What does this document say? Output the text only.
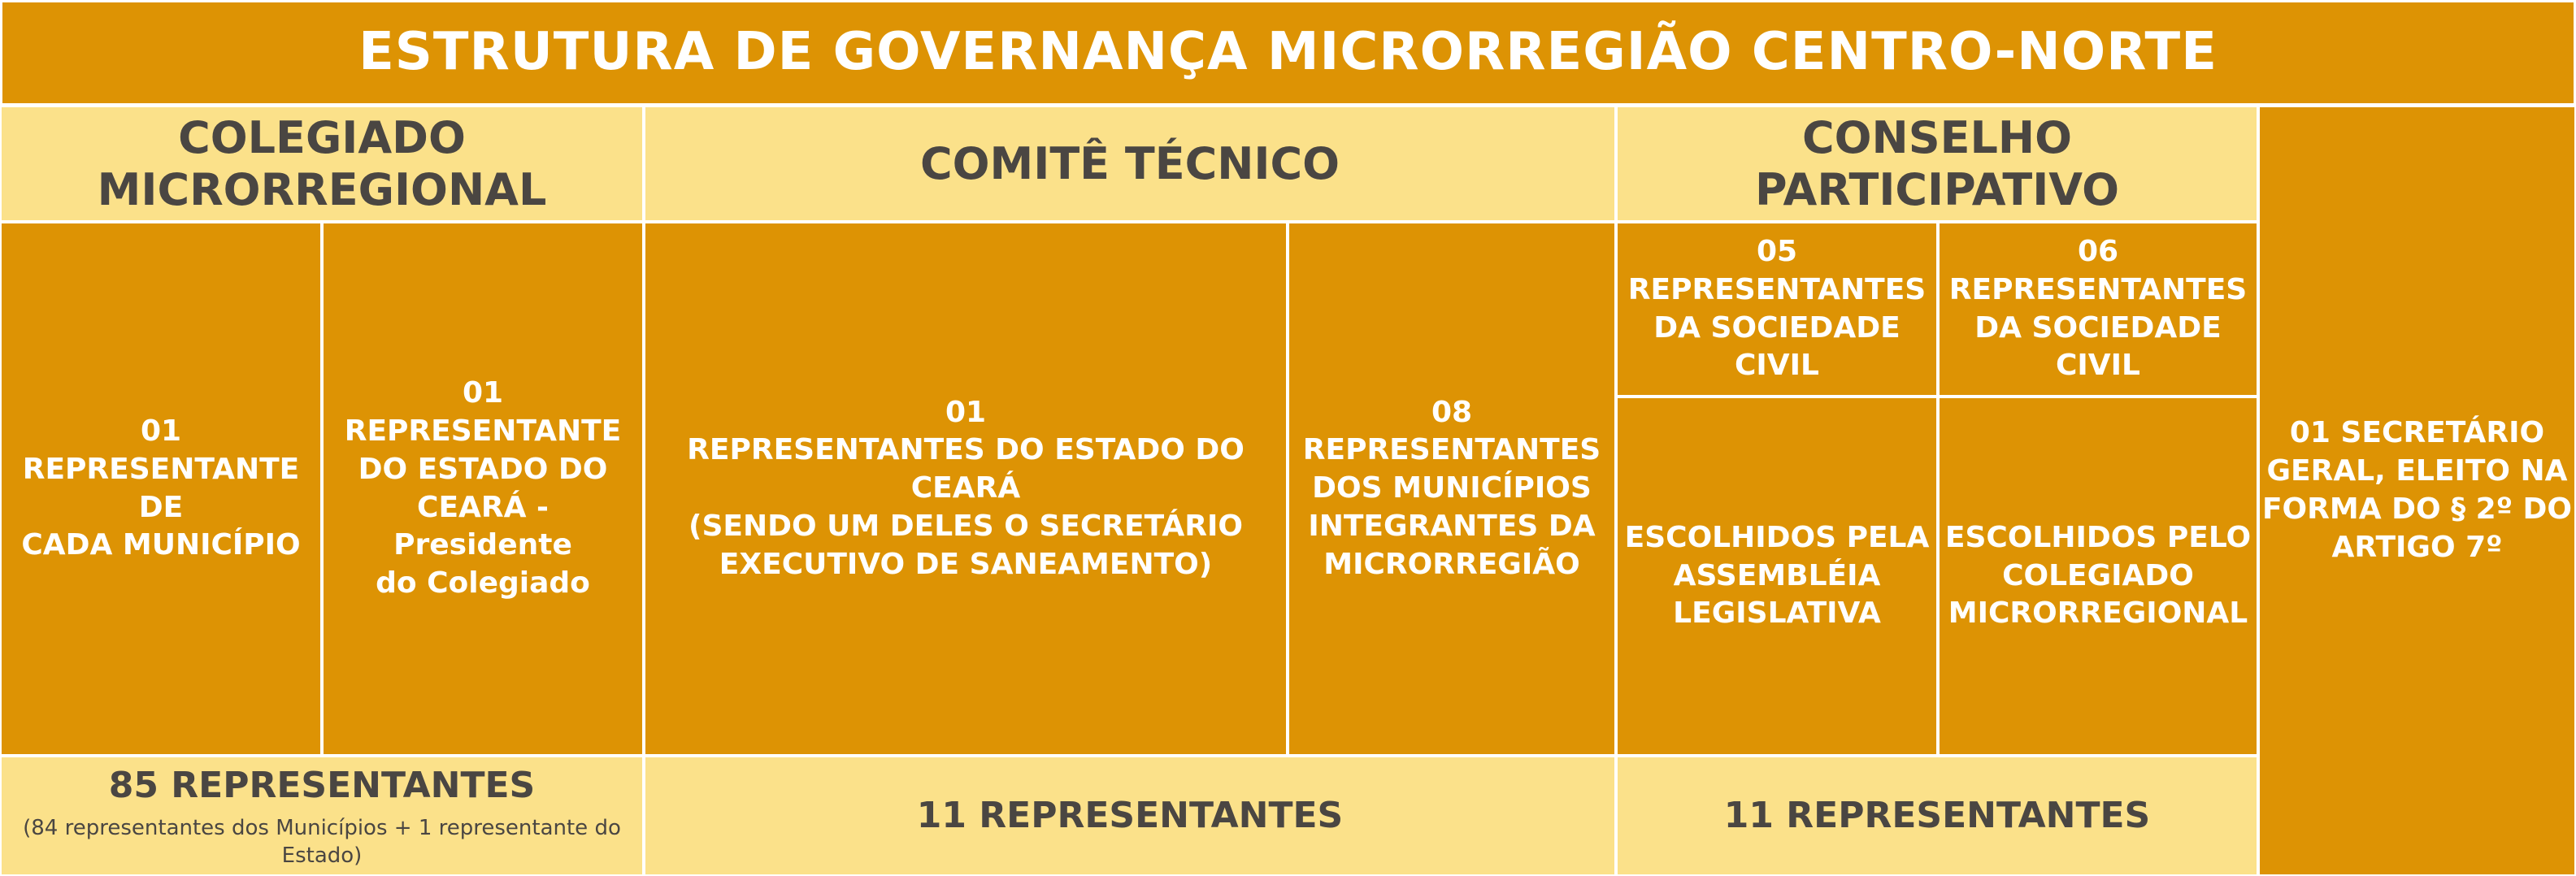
ESTRUTURA DE GOVERNANÇA MICRORREGIÃO CENTRO-NORTE
COLEGIADO
MICRORREGIONAL
COMITÊ TÉCNICO
CONSELHO PARTICIPATIVO
01 SECRETÁRIO
GERAL, ELEITO NA
FORMA DO § 2º DO
ARTIGO 7º
01
REPRESENTANTE DE
CADA MUNICÍPIO
01
REPRESENTANTE
DO ESTADO DO
CEARÁ - Presidente
do Colegiado
01
REPRESENTANTES DO ESTADO DO CEARÁ
(SENDO UM DELES O SECRETÁRIO
EXECUTIVO DE SANEAMENTO)
08
REPRESENTANTES
DOS MUNICÍPIOS
INTEGRANTES DA
MICRORREGIÃO
05
REPRESENTANTES
DA SOCIEDADE CIVIL
06
REPRESENTANTES
DA SOCIEDADE
CIVIL
ESCOLHIDOS PELA
ASSEMBLÉIA
LEGISLATIVA
ESCOLHIDOS PELO
COLEGIADO
MICRORREGIONAL
85 REPRESENTANTES
(84 representantes dos Municípios + 1 representante do Estado)
11 REPRESENTANTES	11 REPRESENTANTES
